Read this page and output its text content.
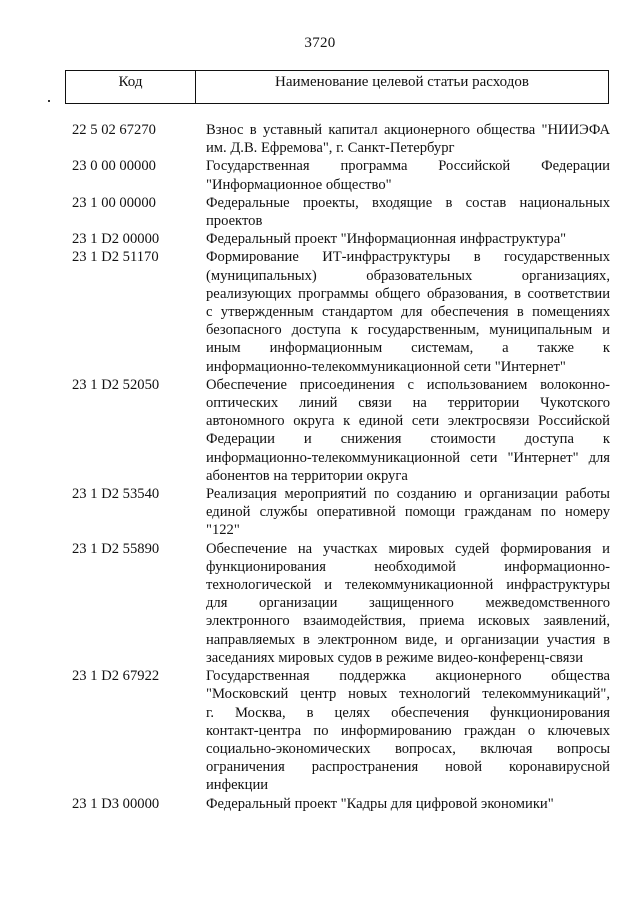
3720
Код	Наименование целевой статьи расходов
22 5 02 67270	Взнос в уставный капитал акционерного общества "НИИЭФА
им. Д.В. Ефремова", г. Санкт-Петербург
23 0 00 00000	Государственная программа Российской Федерации
"Информационное общество"
23 1 00 00000	Федеральные проекты, входящие в состав национальных
проектов
23 1 D2 00000	Федеральный проект "Информационная инфраструктура"
23 1 D2 51170	Формирование ИТ-инфраструктуры в государственных
(муниципальных) образовательных организациях,
реализующих программы общего образования, в соответствии
с утвержденным стандартом для обеспечения в помещениях
безопасного доступа к государственным, муниципальным и
иным информационным системам, а также к
информационно-телекоммуникационной сети "Интернет"
23 1 D2 52050	Обеспечение присоединения с использованием волоконно-
оптических линий связи на территории Чукотского
автономного округа к единой сети электросвязи Российской
Федерации и снижения стоимости доступа к
информационно-телекоммуникационной сети "Интернет" для
абонентов на территории округа
23 1 D2 53540	Реализация мероприятий по созданию и организации работы
единой службы оперативной помощи гражданам по номеру
"122"
23 1 D2 55890	Обеспечение на участках мировых судей формирования и
функционирования необходимой информационно-
технологической и телекоммуникационной инфраструктуры
для организации защищенного межведомственного
электронного взаимодействия, приема исковых заявлений,
направляемых в электронном виде, и организации участия в
заседаниях мировых судов в режиме видео-конференц-связи
23 1 D2 67922	Государственная поддержка акционерного общества
"Московский центр новых технологий телекоммуникаций",
г. Москва, в целях обеспечения функционирования
контакт-центра по информированию граждан о ключевых
социально-экономических вопросах, включая вопросы
ограничения распространения новой коронавирусной
инфекции
23 1 D3 00000	Федеральный проект "Кадры для цифровой экономики"
